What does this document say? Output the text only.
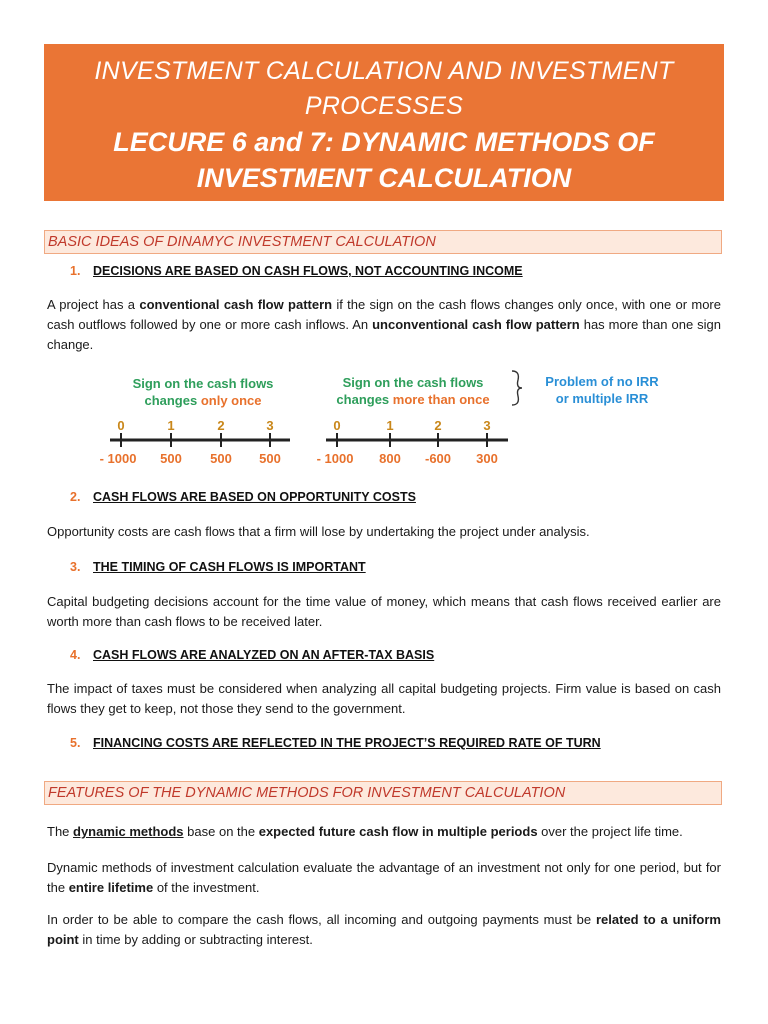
INVESTMENT CALCULATION AND INVESTMENT
PROCESSES
LECURE 6 and 7: DYNAMIC METHODS OF
INVESTMENT CALCULATION
BASIC IDEAS OF DINAMYC INVESTMENT CALCULATION
1. DECISIONS ARE BASED ON CASH FLOWS, NOT ACCOUNTING INCOME
A project has a conventional cash flow pattern if the sign on the cash flows changes only once, with one or more cash outflows followed by one or more cash inflows. An unconventional cash flow pattern has more than one sign change.
Sign on the cash flows
changes only once
Sign on the cash flows
changes more than once
Problem of no IRR
or multiple IRR
0	1	2	3
- 1000 500 500 500
0	1	2	3
- 1000 800 -600 300
2. CASH FLOWS ARE BASED ON OPPORTUNITY COSTS
Opportunity costs are cash flows that a firm will lose by undertaking the project under analysis.
3. THE TIMING OF CASH FLOWS IS IMPORTANT
Capital budgeting decisions account for the time value of money, which means that cash flows received earlier are worth more than cash flows to be received later.
4. CASH FLOWS ARE ANALYZED ON AN AFTER-TAX BASIS
The impact of taxes must be considered when analyzing all capital budgeting projects. Firm value is based on cash flows they get to keep, not those they send to the government.
5. FINANCING COSTS ARE REFLECTED IN THE PROJECT’S REQUIRED RATE OF TURN
FEATURES OF THE DYNAMIC METHODS FOR INVESTMENT CALCULATION
The dynamic methods base on the expected future cash flow in multiple periods over the project life time.
Dynamic methods of investment calculation evaluate the advantage of an investment not only for one period, but for the entire lifetime of the investment.
In order to be able to compare the cash flows, all incoming and outgoing payments must be related to a uniform point in time by adding or subtracting interest.
